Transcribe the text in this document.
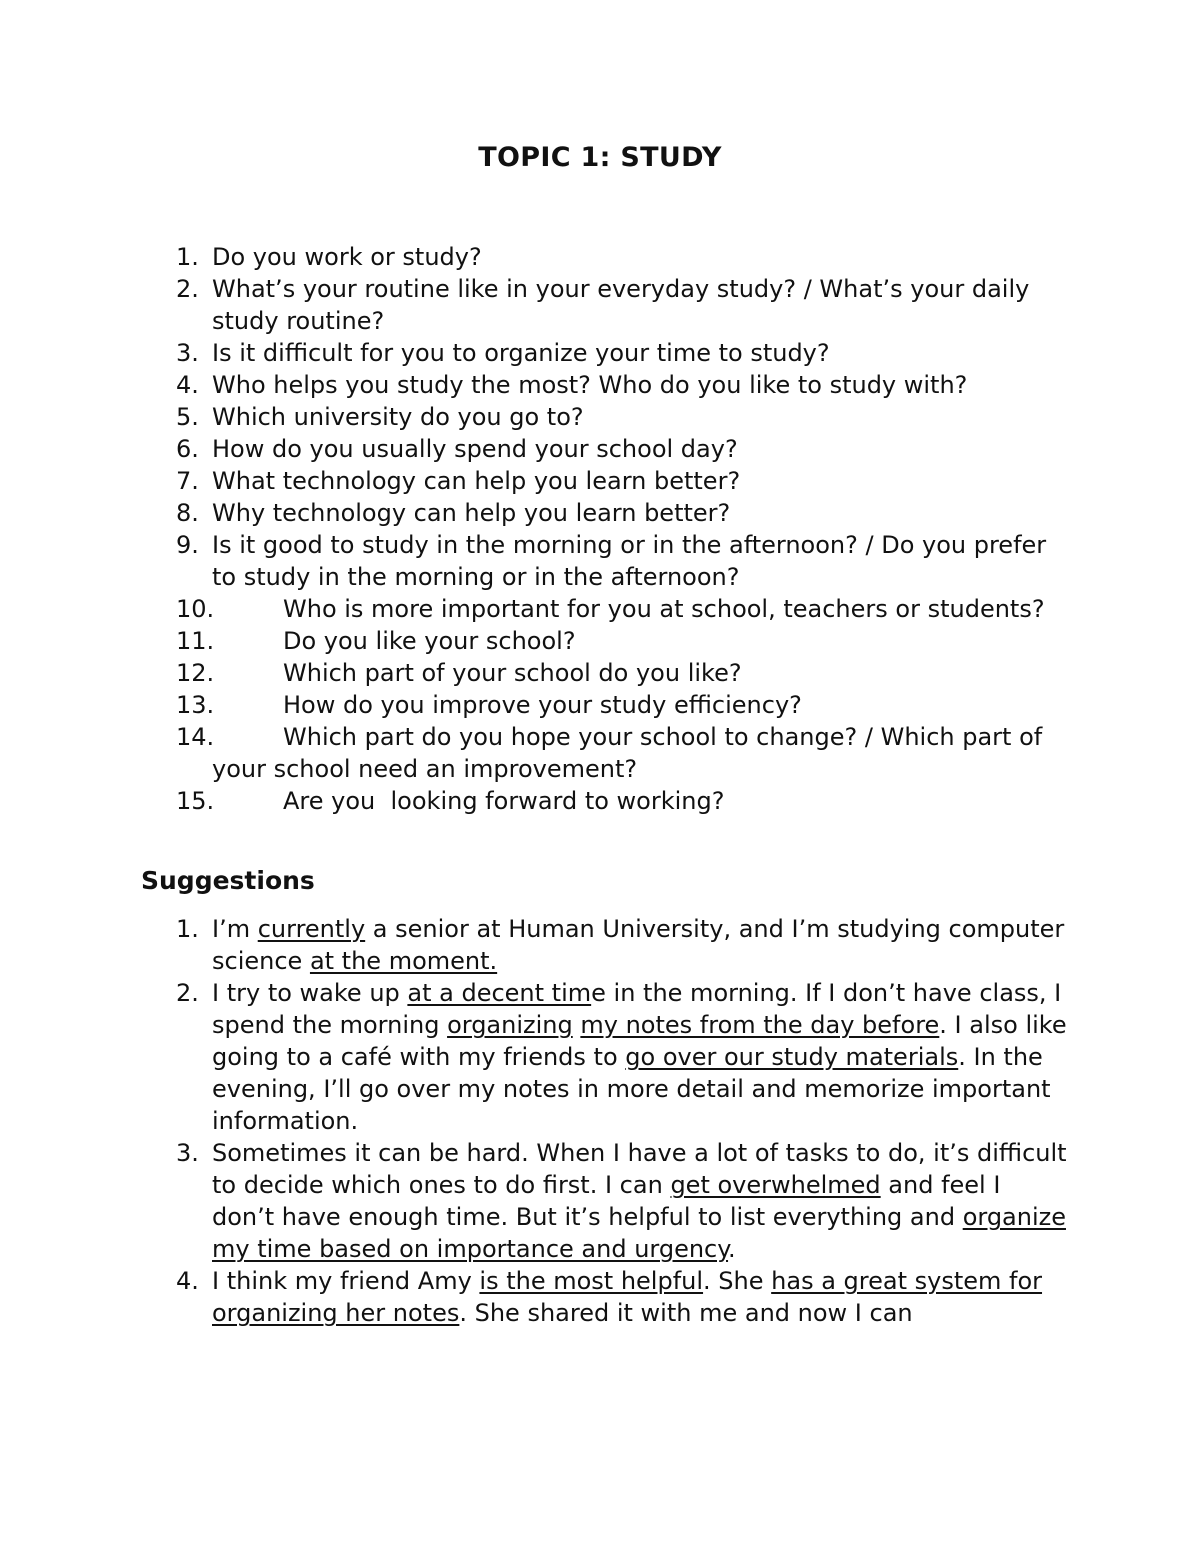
TOPIC 1: STUDY
1. Do you work or study?
2. What’s your routine like in your everyday study? / What’s your daily study routine?
3. Is it difficult for you to organize your time to study?
4. Who helps you study the most? Who do you like to study with?
5. Which university do you go to?
6. How do you usually spend your school day?
7. What technology can help you learn better?
8. Why technology can help you learn better?
9. Is it good to study in the morning or in the afternoon? / Do you prefer to study in the morning or in the afternoon?
10.	Who is more important for you at school, teachers or students?
11.	Do you like your school?
12.	Which part of your school do you like?
13.	How do you improve your study efficiency?
14.	Which part do you hope your school to change? / Which part of your school need an improvement?
15.	Are you  looking forward to working?
Suggestions
1. I’m currently a senior at Human University, and I’m studying computer science at the moment.
2. I try to wake up at a decent time in the morning. If I don’t have class, I spend the morning organizing my notes from the day before. I also like going to a café with my friends to go over our study materials. In the evening, I’ll go over my notes in more detail and memorize important information.
3. Sometimes it can be hard. When I have a lot of tasks to do, it’s difficult to decide which ones to do first. I can get overwhelmed and feel I don’t have enough time. But it’s helpful to list everything and organize my time based on importance and urgency.
4. I think my friend Amy is the most helpful. She has a great system for organizing her notes. She shared it with me and now I can
